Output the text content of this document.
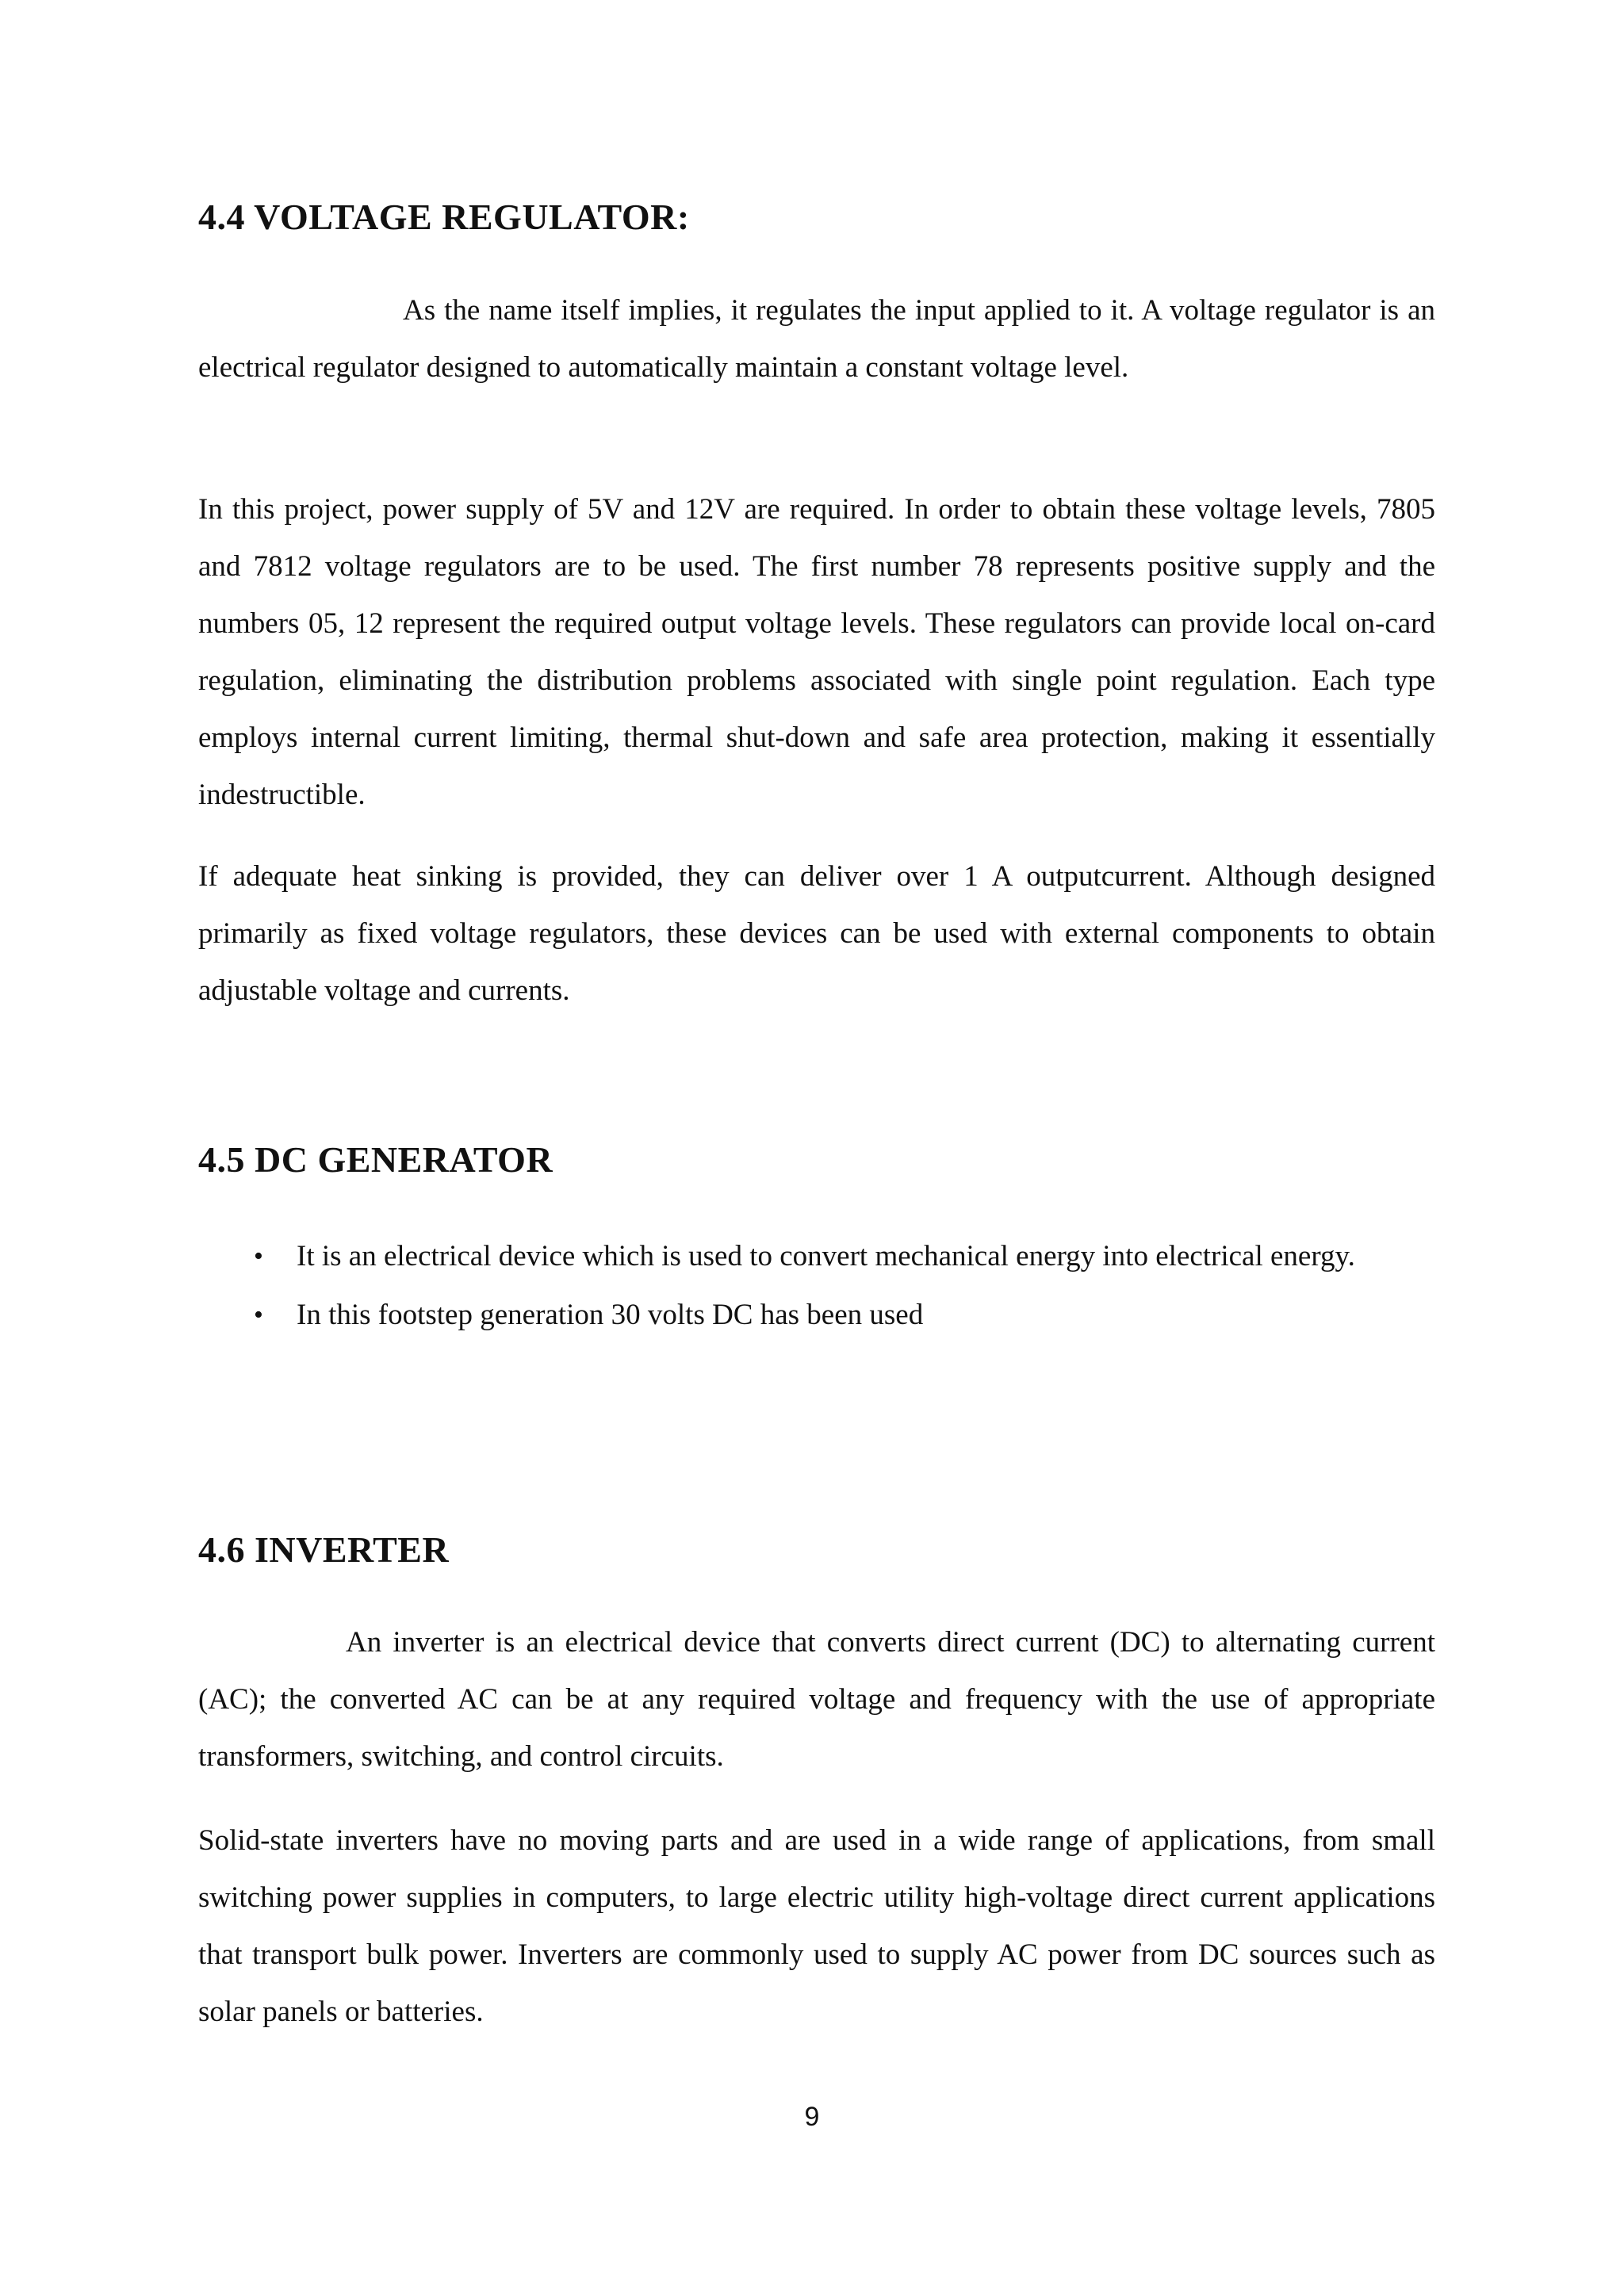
4.4 VOLTAGE REGULATOR:

As the name itself implies, it regulates the input applied to it. A voltage regulator is an electrical regulator designed to automatically maintain a constant voltage level.

In this project, power supply of 5V and 12V are required. In order to obtain these voltage levels, 7805 and 7812 voltage regulators are to be used. The first number 78 represents positive supply and the numbers 05, 12 represent the required output voltage levels. These regulators can provide local on-card regulation, eliminating the distribution problems associated with single point regulation. Each type employs internal current limiting, thermal shut-down and safe area protection, making it essentially indestructible.

If adequate heat sinking is provided, they can deliver over 1 A outputcurrent. Although designed primarily as fixed voltage regulators, these devices can be used with external components to obtain adjustable voltage and currents.

4.5 DC GENERATOR
• It is an electrical device which is used to convert mechanical energy into electrical energy.
• In this footstep generation 30 volts DC has been used
4.6 INVERTER

An inverter is an electrical device that converts direct current (DC) to alternating current (AC); the converted AC can be at any required voltage and frequency with the use of appropriate transformers, switching, and control circuits.

Solid-state inverters have no moving parts and are used in a wide range of applications, from small switching power supplies in computers, to large electric utility high-voltage direct current applications that transport bulk power. Inverters are commonly used to supply AC power from DC sources such as solar panels or batteries.

9
